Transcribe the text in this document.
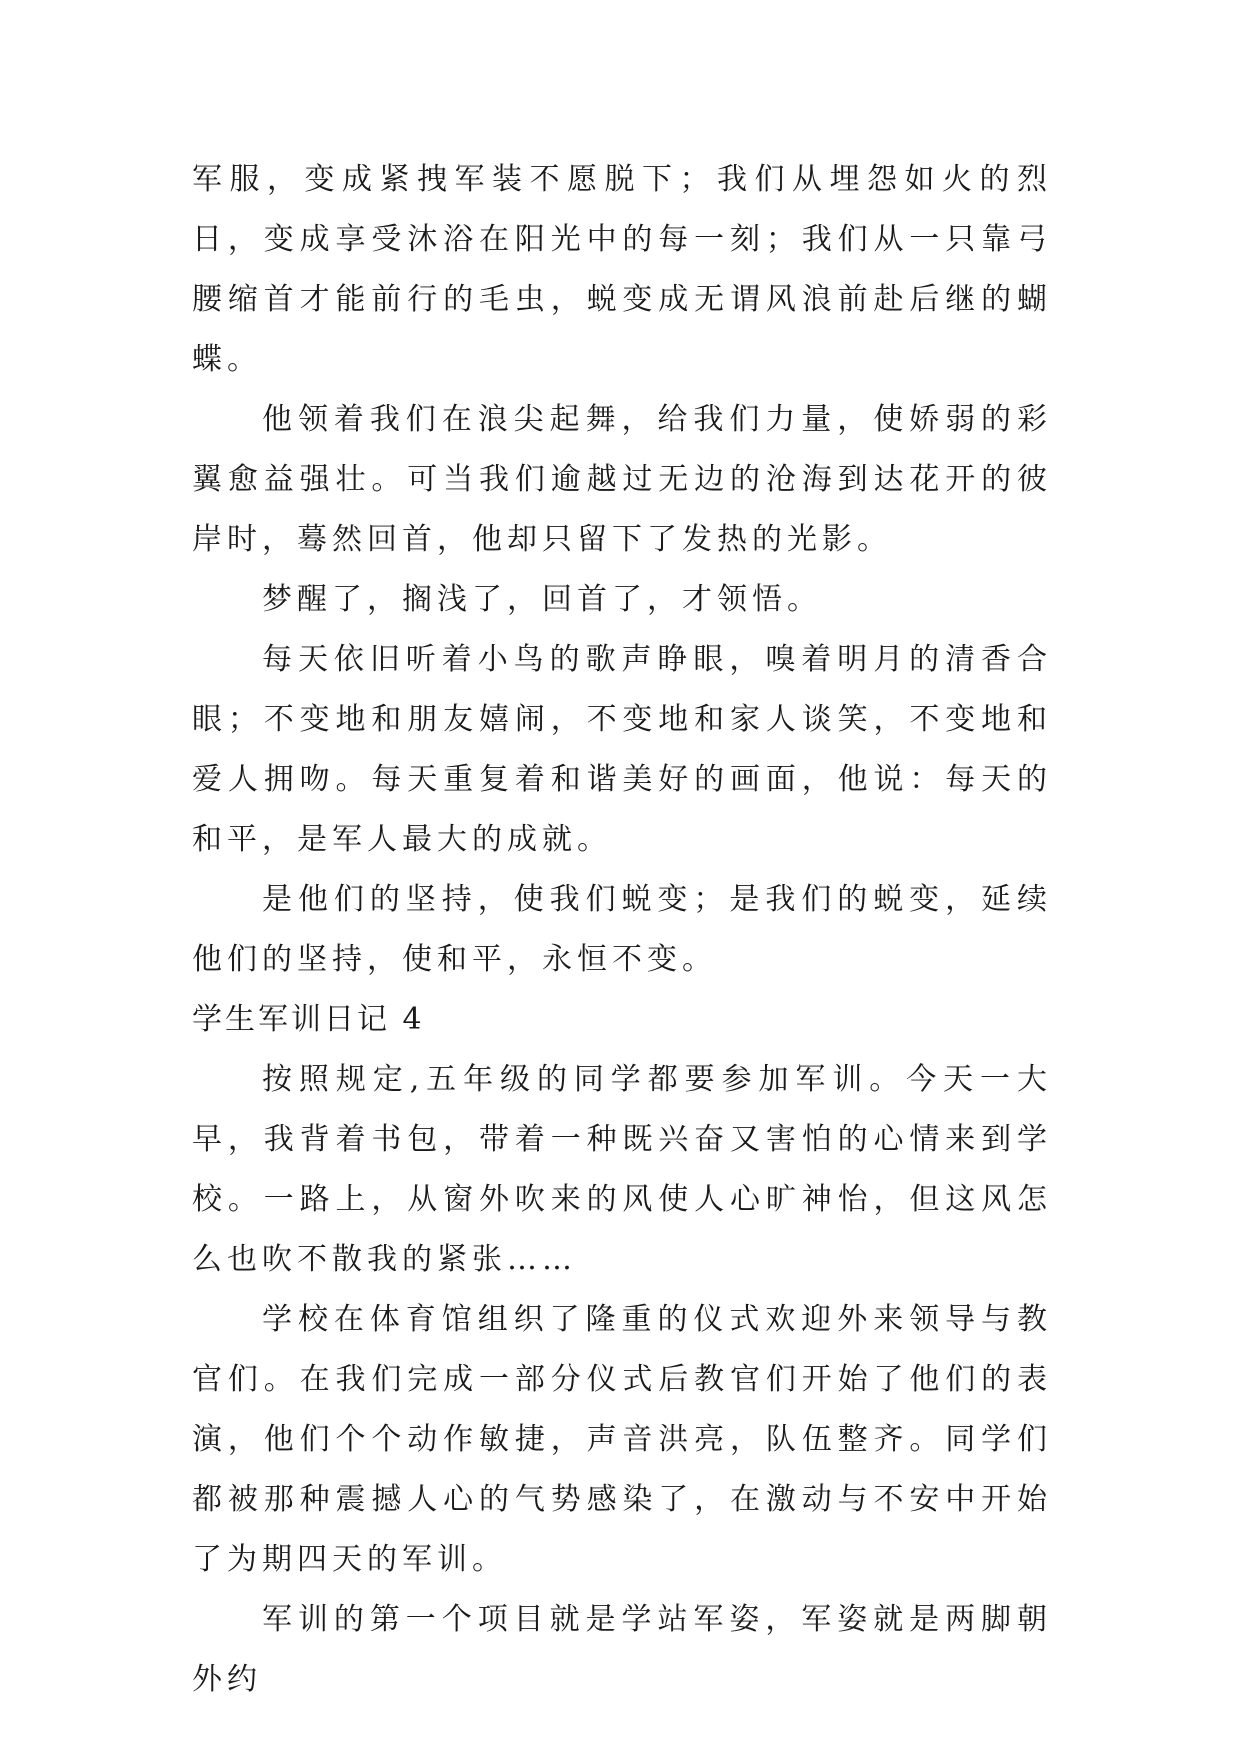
军服，变成紧拽军装不愿脱下；我们从埋怨如火的烈日，变成享受沐浴在阳光中的每一刻；我们从一只靠弓腰缩首才能前行的毛虫，蜕变成无谓风浪前赴后继的蝴蝶。

他领着我们在浪尖起舞，给我们力量，使娇弱的彩翼愈益强壮。可当我们逾越过无边的沧海到达花开的彼岸时，蓦然回首，他却只留下了发热的光影。

梦醒了，搁浅了，回首了，才领悟。

每天依旧听着小鸟的歌声睁眼，嗅着明月的清香合眼；不变地和朋友嬉闹，不变地和家人谈笑，不变地和爱人拥吻。每天重复着和谐美好的画面，他说：每天的和平，是军人最大的成就。

是他们的坚持，使我们蜕变；是我们的蜕变，延续他们的坚持，使和平，永恒不变。

学生军训日记 4

按照规定,五年级的同学都要参加军训。今天一大早，我背着书包，带着一种既兴奋又害怕的心情来到学校。一路上，从窗外吹来的风使人心旷神怡，但这风怎么也吹不散我的紧张……

学校在体育馆组织了隆重的仪式欢迎外来领导与教官们。在我们完成一部分仪式后教官们开始了他们的表演，他们个个动作敏捷，声音洪亮，队伍整齐。同学们都被那种震撼人心的气势感染了，在激动与不安中开始了为期四天的军训。

军训的第一个项目就是学站军姿，军姿就是两脚朝外约
